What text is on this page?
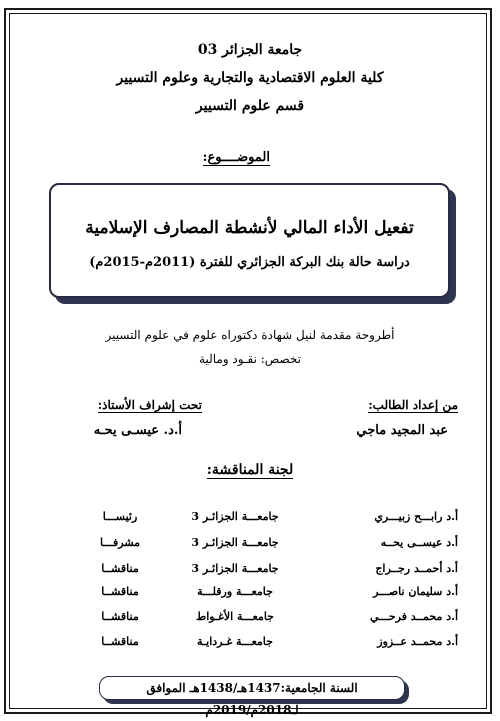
جامعة الجزائر 03
كلية العلوم الاقتصادية والتجارية وعلوم التسيير
قسم علوم التسيير
الموضــــوع:
تفعيل الأداء المالي لأنشطة المصارف الإسلامية
دراسة حالة بنك البركة الجزائري للفترة (2011م-2015م)
أطروحة مقدمة لنيل شهادة دكتوراه علوم في علوم التسيير
تخصص: نقـود ومالية
من إعداد الطالب:
عبد المجيد ماجي
تحت إشراف الأستاذ:
أ.د. عيسـى يحـه
لجنة المناقشة:
أ.د رابـــح زبيـــري
جامعـــة الجزائـر 3
رئيســـا
أ.د عيســى يحــه
جامعـــة الجزائـر 3
مشرفـــا
أ.د أحمــد رجــراج
جامعـــة الجزائـر 3
مناقشــا
أ.د سليمان ناصـــر
جامعـــة ورقلـــة
مناقشــا
أ.د محمــد فرحـــي
جامعـــة الأغـواط
مناقشــا
أ.د محمــد عــزوز
جامعـــة غـردايـة
مناقشــا
السنة الجامعية:1437هـ/1438هـ الموافق لـ2018م/2019م
